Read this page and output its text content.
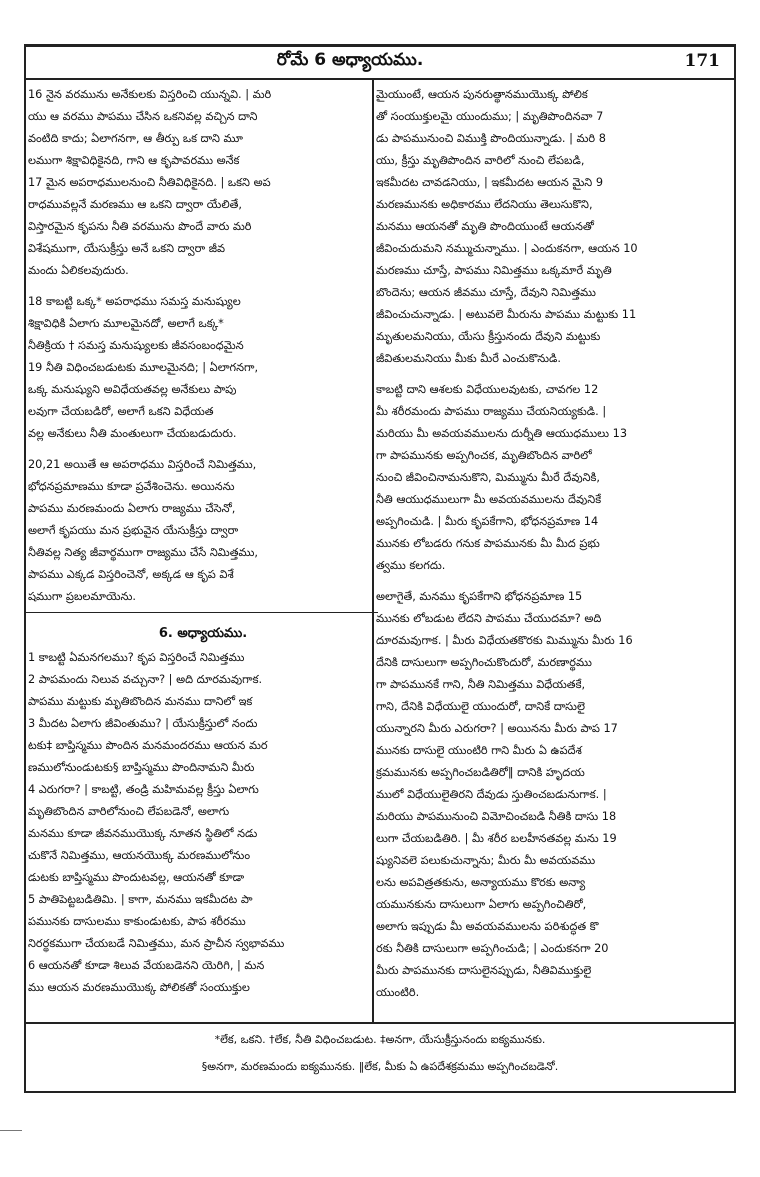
రోమే 6 అధ్యాయము.	171
16 నైన వరమును అనేకులకు విస్తరించి యున్నవి. | మరి
యు ఆ వరము పాపము చేసిన ఒకనివల్ల వచ్చిన దాని
వంటిది కాదు; ఏలాగనగా, ఆ తీర్పు ఒక దాని మూ
లముగా శిక్షావిధికైనది, గాని ఆ కృపావరము అనేక
17 మైన అపరాధములనుంచి నీతివిధికైనది. | ఒకని అప
రాధమువల్లనే మరణము ఆ ఒకని ద్వారా యేలితే,
విస్తారమైన కృపను నీతి వరమును పొందే వారు మరి
విశేషముగా, యేసుక్రీస్తు అనే ఒకని ద్వారా జీవ
మందు ఏలికలవుదురు.
18 కాబట్టి ఒక్క* అపరాధము సమస్త మనుష్యుల
శిక్షావిధికి ఏలాగు మూలమైనదో, అలాగే ఒక్క*
నీతిక్రియ † సమస్త మనుష్యులకు జీవసంబంధమైన
19 నీతి విధించబడుటకు మూలమైనది; | ఏలాగనగా,
ఒక్క మనుష్యుని అవిధేయతవల్ల అనేకులు పాపు
లవుగా చేయబడిరో, అలాగే ఒకని విధేయత
వల్ల అనేకులు నీతి మంతులుగా చేయబడుదురు.
20,21 అయితే ఆ అపరాధము విస్తరించే నిమిత్తము,
భోధనప్రమాణము కూడా ప్రవేశించెను. అయినను
పాపము మరణమందు ఏలాగు రాజ్యము చేసెనో,
అలాగే కృపయు మన ప్రభువైన యేసుక్రీస్తు ద్వారా
నీతివల్ల నిత్య జీవార్థముగా రాజ్యము చేసే నిమిత్తము,
పాపము ఎక్కడ విస్తరించెనో, అక్కడ ఆ కృప విశే
షముగా ప్రబలమాయెను.
6. అధ్యాయము.
1 కాబట్టి ఏమనగలము? కృప విస్తరించే నిమిత్తము
2 పాపమందు నిలువ వచ్చునా? | అది దూరమవుగాక.
పాపము మట్టుకు మృతిబొందిన మనము దానిలో ఇక
3 మీదట ఏలాగు జీవింతుము? | యేసుక్రీస్తులో నందు
టకు‡ బాప్తిస్మము పొందిన మనమందరము ఆయన మర
ణములోనుండుటకు§ బాప్తిస్మము పొందినామని మీరు
4 ఎరుగరా? | కాబట్టి, తండ్రి మహిమవల్ల క్రీస్తు ఏలాగు
మృతిబొందిన వారిలోనుంచి లేపబడెనో, అలాగు
మనము కూడా జీవనముయొక్క నూతన స్థితిలో నడు
చుకొనే నిమిత్తము, ఆయనయొక్క మరణములోనుం
డుటకు బాప్తిస్మము పొందుటవల్ల, ఆయనతో కూడా
5 పాతిపెట్టబడితిమి. | కాగా, మనము ఇకమీదట పా
పమునకు దాసులము కాకుండుటకు, పాప శరీరము
నిరర్థకముగా చేయబడే నిమిత్తము, మన ప్రాచీన స్వభావము
6 ఆయనతో కూడా శిలువ వేయబడెనని యెరిగి, | మన
ము ఆయన మరణముయొక్క పోలికతో సంయుక్తుల
మైయుంటే, ఆయన పునరుత్థానముయొక్క పోలిక
తో సంయుక్తులమై యుందుము; | మృతిపొందినవా 7
డు పాపమునుంచి విముక్తి పొందియున్నాడు. | మరి 8
యు, క్రీస్తు మృతిపొందిన వారిలో నుంచి లేపబడి,
ఇకమీదట చావడనియు, | ఇకమీదట ఆయన మైని 9
మరణమునకు అధికారము లేదనియు తెలుసుకొని,
మనము ఆయనతో మృతి పొందియుంటే ఆయనతో
జీవించుదుమని నమ్ముచున్నాము. | ఎందుకనగా, ఆయన 10
మరణము చూస్తే, పాపము నిమిత్తము ఒక్కమారే మృతి
బొందెను; ఆయన జీవము చూస్తే, దేవుని నిమిత్తము
జీవించుచున్నాడు. | అటువలె మీరును పాపము మట్టుకు 11
మృతులమనియు, యేసు క్రీస్తునందు దేవుని మట్టుకు
జీవితులమనియు మీకు మీరే ఎంచుకొనుడి.
కాబట్టి దాని ఆశలకు విధేయులవుటకు, చావగల 12
మీ శరీరమందు పాపము రాజ్యము చేయనియ్యకుడి. |
మరియు మీ అవయవములను దుర్నీతి ఆయుధములు 13
గా పాపమునకు అప్పగించక, మృతిబొందిన వారిలో
నుంచి జీవించినామనుకొని, మిమ్మును మీరే దేవునికి,
నీతి ఆయుధములుగా మీ అవయవములను దేవునికే
అప్పగించుడి. | మీరు కృపకేగాని, భోధనప్రమాణ 14
మునకు లోబడరు గనుక పాపమునకు మీ మీద ప్రభు
త్వము కలగదు.
అలాగైతే, మనము కృపకేగాని భోధనప్రమాణ 15
మునకు లోబడుట లేదని పాపము చేయుదమా? అది
దూరమవుగాక. | మీరు విధేయతకొరకు మిమ్మును మీరు 16
దేనికి దాసులుగా అప్పగించుకొందురో, మరణార్థము
గా పాపమునకే గాని, నీతి నిమిత్తము విధేయతకే,
గాని, దేనికి విధేయులై యుందురో, దానికే దాసులై
యున్నారని మీరు ఎరుగరా? | అయినను మీరు పాప 17
మునకు దాసులై యుంటిరి గాని మీరు ఏ ఉపదేశ
క్రమమునకు అప్పగించబడితిరో‖ దానికి హృదయ
ములో విధేయులైతిరని దేవుడు స్తుతించబడునుగాక. |
మరియు పాపమునుంచి విమోచించబడి నీతికి దాసు 18
లుగా చేయబడితిరి. | మీ శరీర బలహీనతవల్ల మను 19
ష్యునివలె పలుకుచున్నాను; మీరు మీ అవయవము
లను అపవిత్రతకును, అన్యాయము కొరకు అన్యా
యమునకును దాసులుగా ఏలాగు అప్పగించితిరో,
అలాగు ఇప్పుడు మీ అవయవములను పరిశుద్ధత కొ
రకు నీతికి దాసులుగా అప్పగించుడి; | ఎందుకనగా 20
మీరు పాపమునకు దాసులైనప్పుడు, నీతివిముక్తులై
యుంటిరి.
*లేక, ఒకని. †లేక, నీతి విధించబడుట. ‡అనగా, యేసుక్రీస్తునందు ఐక్యమునకు.
§అనగా, మరణమందు ఐక్యమునకు. ‖లేక, మీకు ఏ ఉపదేశక్రమము అప్పగించబడెనో.
